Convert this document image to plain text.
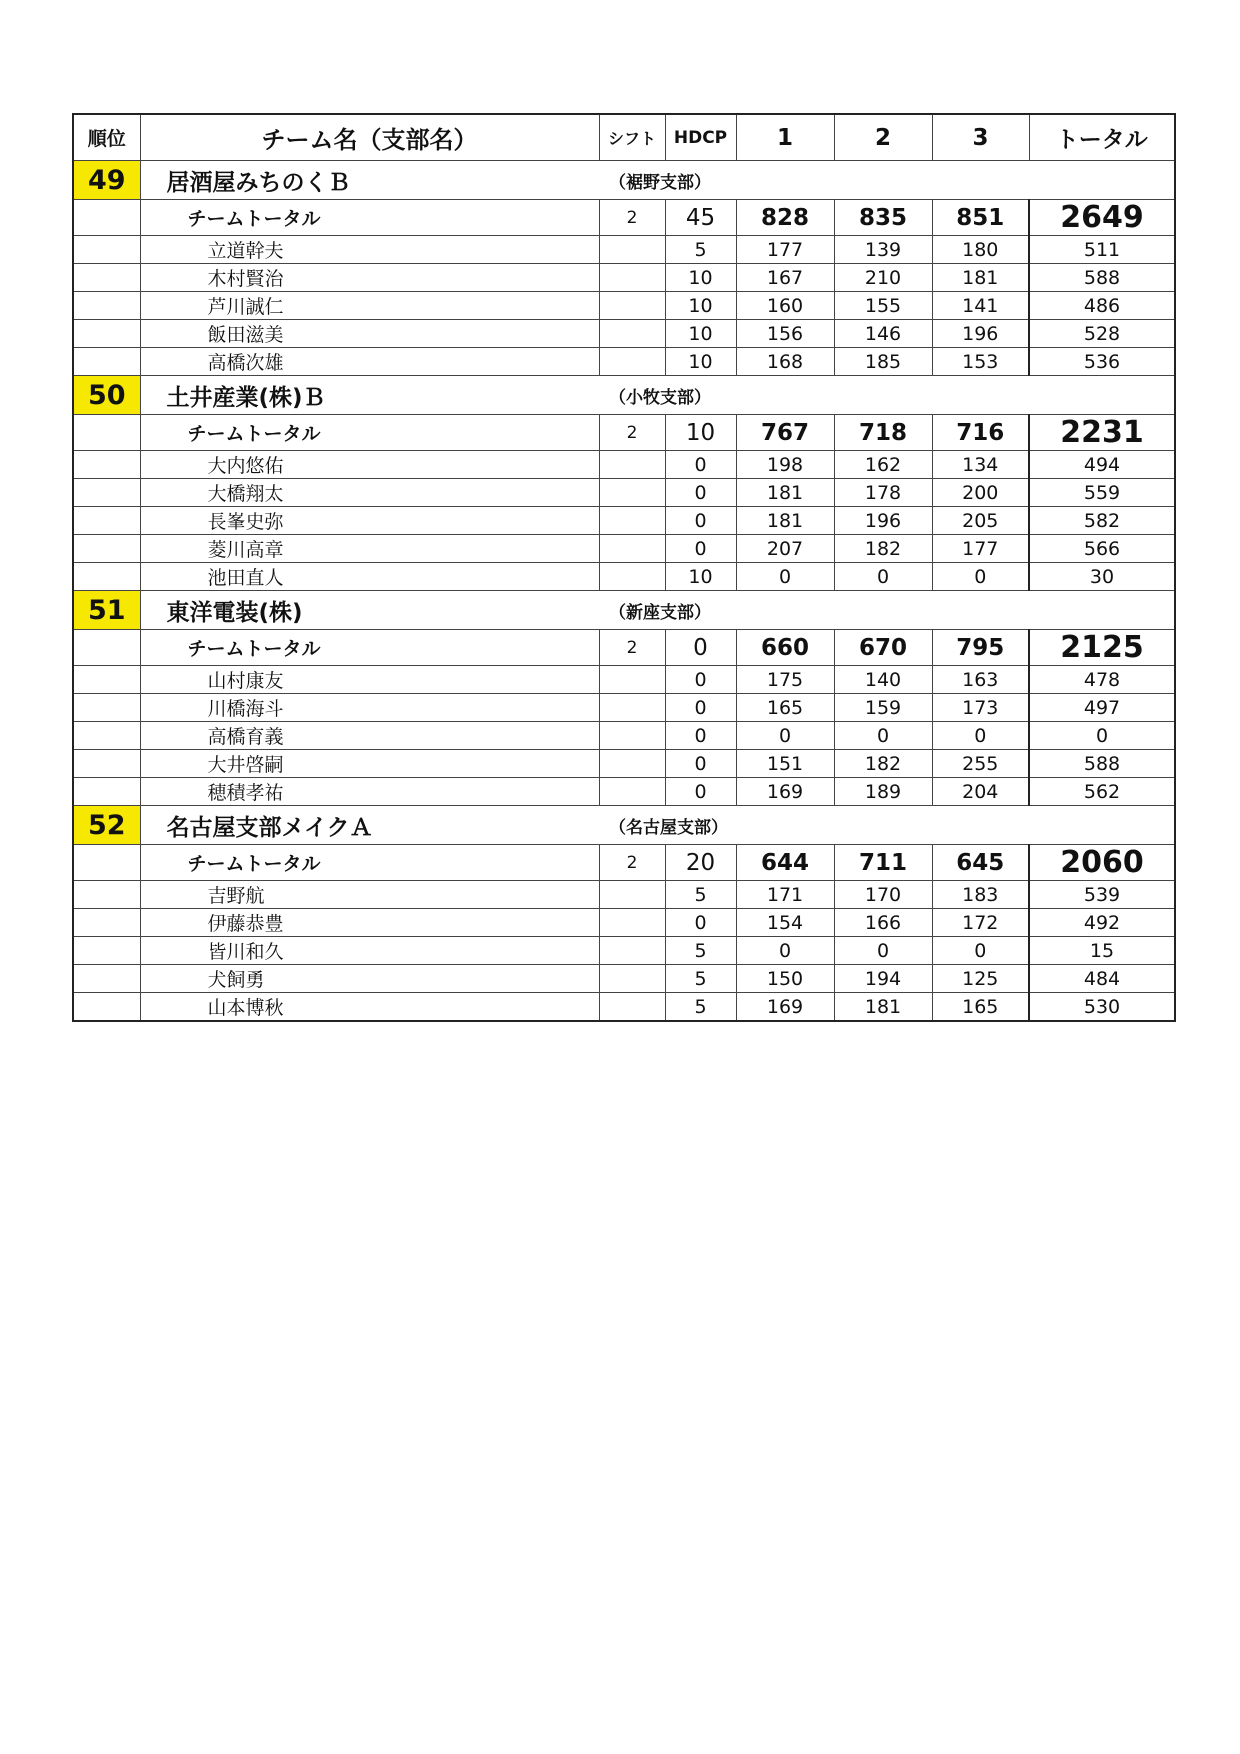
順位	チーム名（支部名）	シフト	HDCP	1	2	3	トータル
49	居酒屋みちのくＢ	（裾野支部）					
	チームトータル	2	45	828	835	851	2649
	立道幹夫		5	177	139	180	511
	木村賢治		10	167	210	181	588
	芦川誠仁		10	160	155	141	486
	飯田滋美		10	156	146	196	528
	高橋次雄		10	168	185	153	536
50	土井産業(株)Ｂ	（小牧支部）					
	チームトータル	2	10	767	718	716	2231
	大内悠佑		0	198	162	134	494
	大橋翔太		0	181	178	200	559
	長峯史弥		0	181	196	205	582
	菱川高章		0	207	182	177	566
	池田直人		10	0	0	0	30
51	東洋電装(株)	（新座支部）					
	チームトータル	2	0	660	670	795	2125
	山村康友		0	175	140	163	478
	川橋海斗		0	165	159	173	497
	高橋育義		0	0	0	0	0
	大井啓嗣		0	151	182	255	588
	穂積孝祐		0	169	189	204	562
52	名古屋支部メイクＡ	（名古屋支部）					
	チームトータル	2	20	644	711	645	2060
	吉野航		5	171	170	183	539
	伊藤恭豊		0	154	166	172	492
	皆川和久		5	0	0	0	15
	犬飼勇		5	150	194	125	484
	山本博秋		5	169	181	165	530
